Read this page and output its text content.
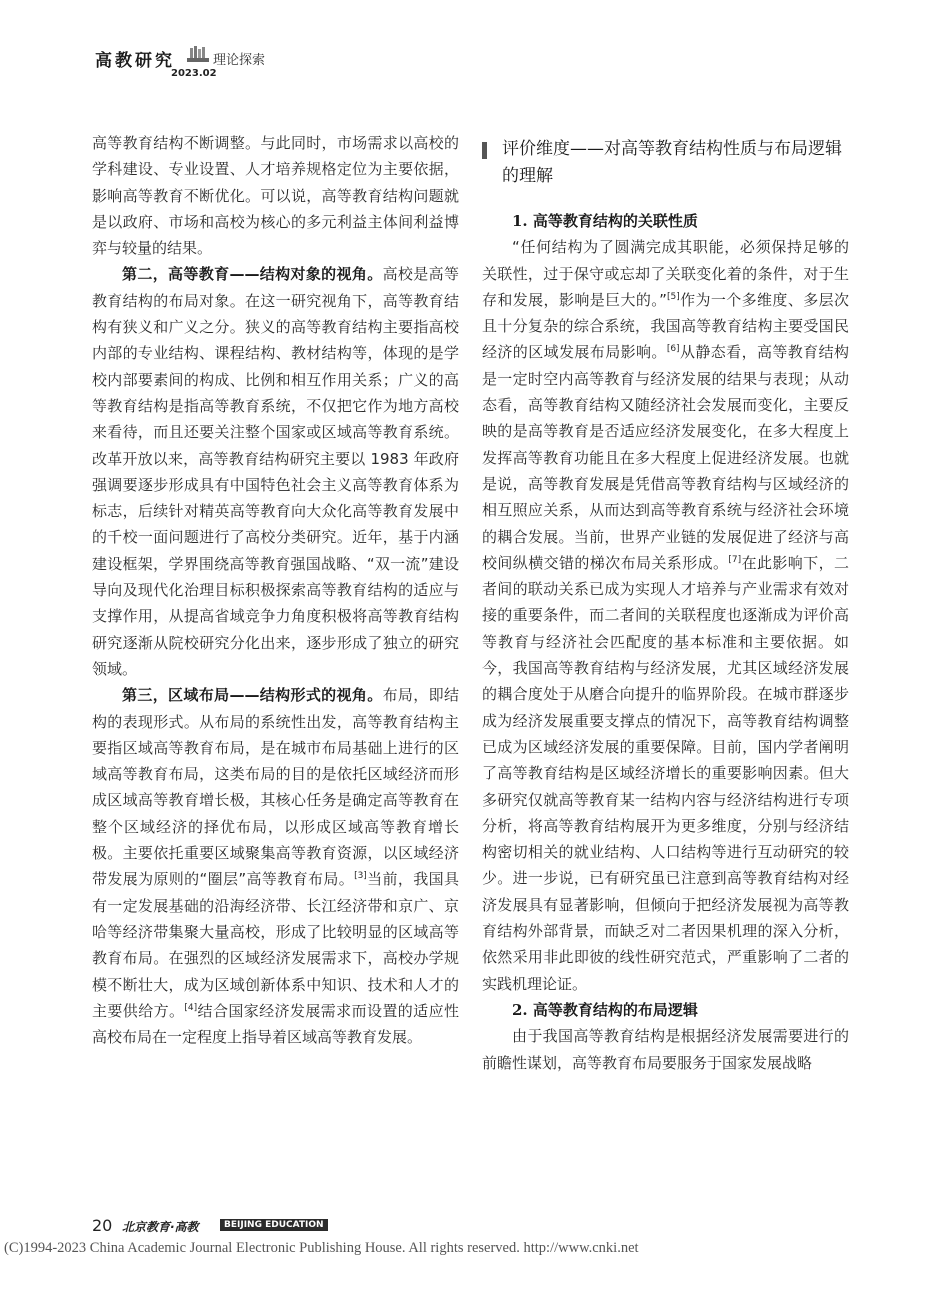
高教研究	理论探索
2023.02

高等教育结构不断调整。与此同时，市场需求以高校的学科建设、专业设置、人才培养规格定位为主要依据，影响高等教育不断优化。可以说，高等教育结构问题就是以政府、市场和高校为核心的多元利益主体间利益博弈与较量的结果。

第二，高等教育——结构对象的视角。高校是高等教育结构的布局对象。在这一研究视角下，高等教育结构有狭义和广义之分。狭义的高等教育结构主要指高校内部的专业结构、课程结构、教材结构等，体现的是学校内部要素间的构成、比例和相互作用关系；广义的高等教育结构是指高等教育系统，不仅把它作为地方高校来看待，而且还要关注整个国家或区域高等教育系统。改革开放以来，高等教育结构研究主要以 1983 年政府强调要逐步形成具有中国特色社会主义高等教育体系为标志，后续针对精英高等教育向大众化高等教育发展中的千校一面问题进行了高校分类研究。近年，基于内涵建设框架，学界围绕高等教育强国战略、“双一流”建设导向及现代化治理目标积极探索高等教育结构的适应与支撑作用，从提高省域竞争力角度积极将高等教育结构研究逐渐从院校研究分化出来，逐步形成了独立的研究领域。

第三，区域布局——结构形式的视角。布局，即结构的表现形式。从布局的系统性出发，高等教育结构主要指区域高等教育布局，是在城市布局基础上进行的区域高等教育布局，这类布局的目的是依托区域经济而形成区域高等教育增长极，其核心任务是确定高等教育在整个区域经济的择优布局，以形成区域高等教育增长极。主要依托重要区域聚集高等教育资源，以区域经济带发展为原则的“圈层”高等教育布局。[3]当前，我国具有一定发展基础的沿海经济带、长江经济带和京广、京哈等经济带集聚大量高校，形成了比较明显的区域高等教育布局。在强烈的区域经济发展需求下，高校办学规模不断壮大，成为区域创新体系中知识、技术和人才的主要供给方。[4]结合国家经济发展需求而设置的适应性高校布局在一定程度上指导着区域高等教育发展。

评价维度——对高等教育结构性质与布局逻辑的理解

1. 高等教育结构的关联性质

“任何结构为了圆满完成其职能，必须保持足够的关联性，过于保守或忘却了关联变化着的条件，对于生存和发展，影响是巨大的。”[5]作为一个多维度、多层次且十分复杂的综合系统，我国高等教育结构主要受国民经济的区域发展布局影响。[6]从静态看，高等教育结构是一定时空内高等教育与经济发展的结果与表现；从动态看，高等教育结构又随经济社会发展而变化，主要反映的是高等教育是否适应经济发展变化，在多大程度上发挥高等教育功能且在多大程度上促进经济发展。也就是说，高等教育发展是凭借高等教育结构与区域经济的相互照应关系，从而达到高等教育系统与经济社会环境的耦合发展。当前，世界产业链的发展促进了经济与高校间纵横交错的梯次布局关系形成。[7]在此影响下，二者间的联动关系已成为实现人才培养与产业需求有效对接的重要条件，而二者间的关联程度也逐渐成为评价高等教育与经济社会匹配度的基本标准和主要依据。如今，我国高等教育结构与经济发展，尤其区域经济发展的耦合度处于从磨合向提升的临界阶段。在城市群逐步成为经济发展重要支撑点的情况下，高等教育结构调整已成为区域经济发展的重要保障。目前，国内学者阐明了高等教育结构是区域经济增长的重要影响因素。但大多研究仅就高等教育某一结构内容与经济结构进行专项分析，将高等教育结构展开为更多维度，分别与经济结构密切相关的就业结构、人口结构等进行互动研究的较少。进一步说，已有研究虽已注意到高等教育结构对经济发展具有显著影响，但倾向于把经济发展视为高等教育结构外部背景，而缺乏对二者因果机理的深入分析，依然采用非此即彼的线性研究范式，严重影响了二者的实践机理论证。

2. 高等教育结构的布局逻辑

由于我国高等教育结构是根据经济发展需要进行的前瞻性谋划，高等教育布局要服务于国家发展战略

20 北京教育·高教	BEIJING EDUCATION
(C)1994-2023 China Academic Journal Electronic Publishing House. All rights reserved. http://www.cnki.net
